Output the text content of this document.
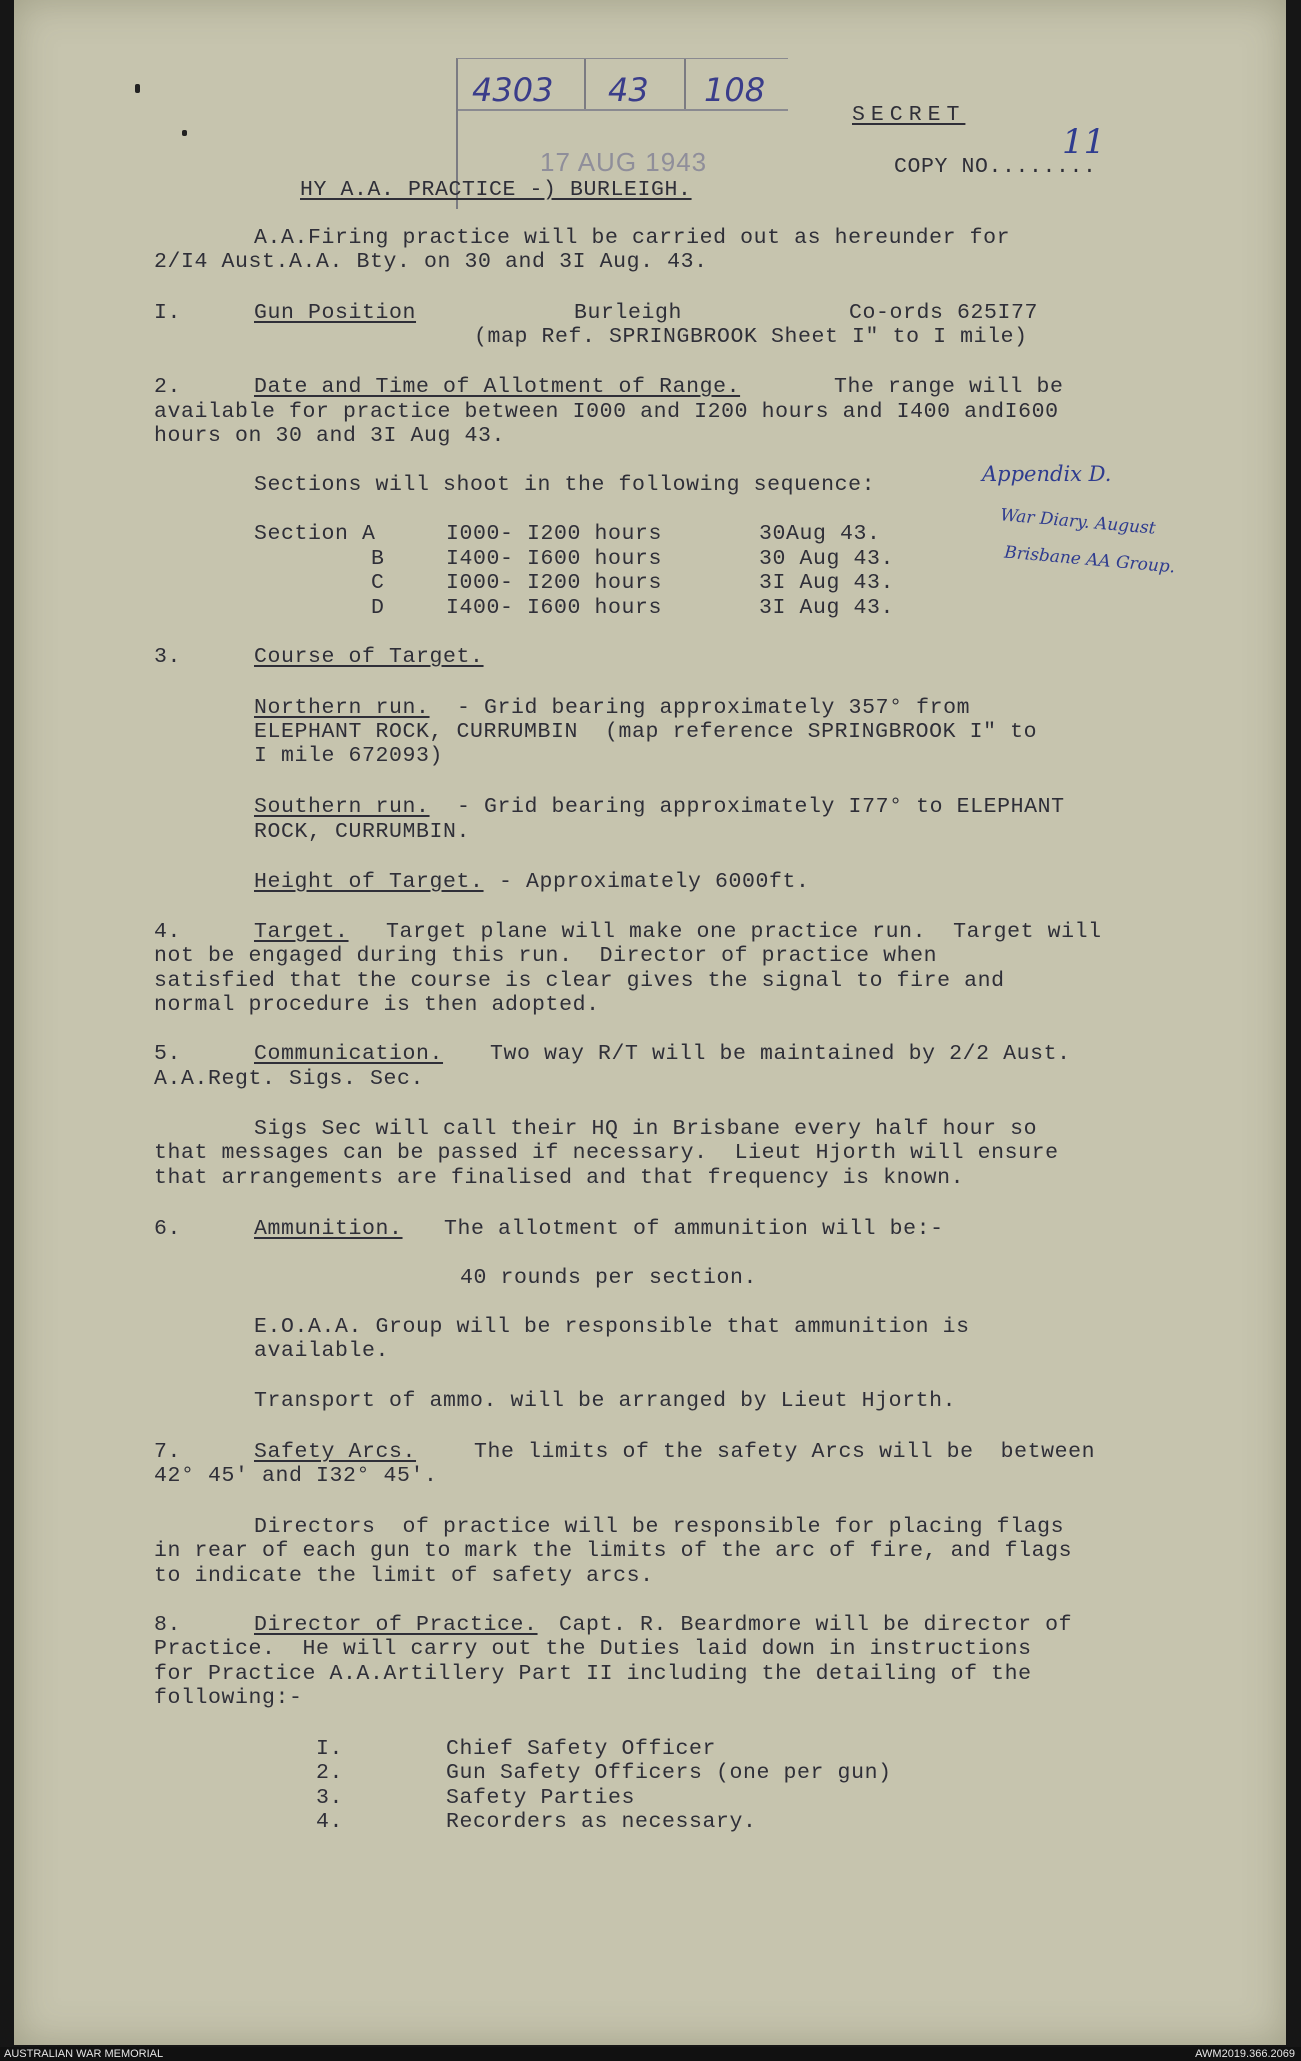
4303 43 108
17 AUG 1943
SECRET
COPY NO........
11
HY A.A. PRACTICE -) BURLEIGH.
A.A.Firing practice will be carried out as hereunder for
2/I4 Aust.A.A. Bty. on 30 and 3I Aug. 43.
I.	Gun Position	Burleigh	Co-ords 625I77
(map Ref. SPRINGBROOK Sheet I" to I mile)
2.	Date and Time of Allotment of Range.	The range will be
available for practice between I000 and I200 hours and I400 andI600
hours on 30 and 3I Aug 43.
Sections will shoot in the following sequence:
Section A	I000- I200 hours	30Aug 43.
B	I400- I600 hours	30 Aug 43.
C	I000- I200 hours	3I Aug 43.
D	I400- I600 hours	3I Aug 43.
Appendix D.
War Diary. August
Brisbane AA Group.
3.	Course of Target.
Northern run. - Grid bearing approximately 357° from
ELEPHANT ROCK, CURRUMBIN  (map reference SPRINGBROOK I" to
I mile 672093)
Southern run. - Grid bearing approximately I77° to ELEPHANT
ROCK, CURRUMBIN.
Height of Target. - Approximately 6000ft.
4.	Target. Target plane will make one practice run.  Target will
not be engaged during this run.  Director of practice when
satisfied that the course is clear gives the signal to fire and
normal procedure is then adopted.
5.	Communication. Two way R/T will be maintained by 2/2 Aust.
A.A.Regt. Sigs. Sec.
Sigs Sec will call their HQ in Brisbane every half hour so
that messages can be passed if necessary.  Lieut Hjorth will ensure
that arrangements are finalised and that frequency is known.
6.	Ammunition. The allotment of ammunition will be:-
40 rounds per section.
E.O.A.A. Group will be responsible that ammunition is
available.
Transport of ammo. will be arranged by Lieut Hjorth.
7.	Safety Arcs.	The limits of the safety Arcs will be  between
42° 45' and I32° 45'.
Directors  of practice will be responsible for placing flags
in rear of each gun to mark the limits of the arc of fire, and flags
to indicate the limit of safety arcs.
8.	Director of Practice. Capt. R. Beardmore will be director of
Practice.  He will carry out the Duties laid down in instructions
for Practice A.A.Artillery Part II including the detailing of the
following:-
I.	Chief Safety Officer
2.	Gun Safety Officers (one per gun)
3.	Safety Parties
4.	Recorders as necessary.
AUSTRALIAN WAR MEMORIAL	AWM2019.366.2069
